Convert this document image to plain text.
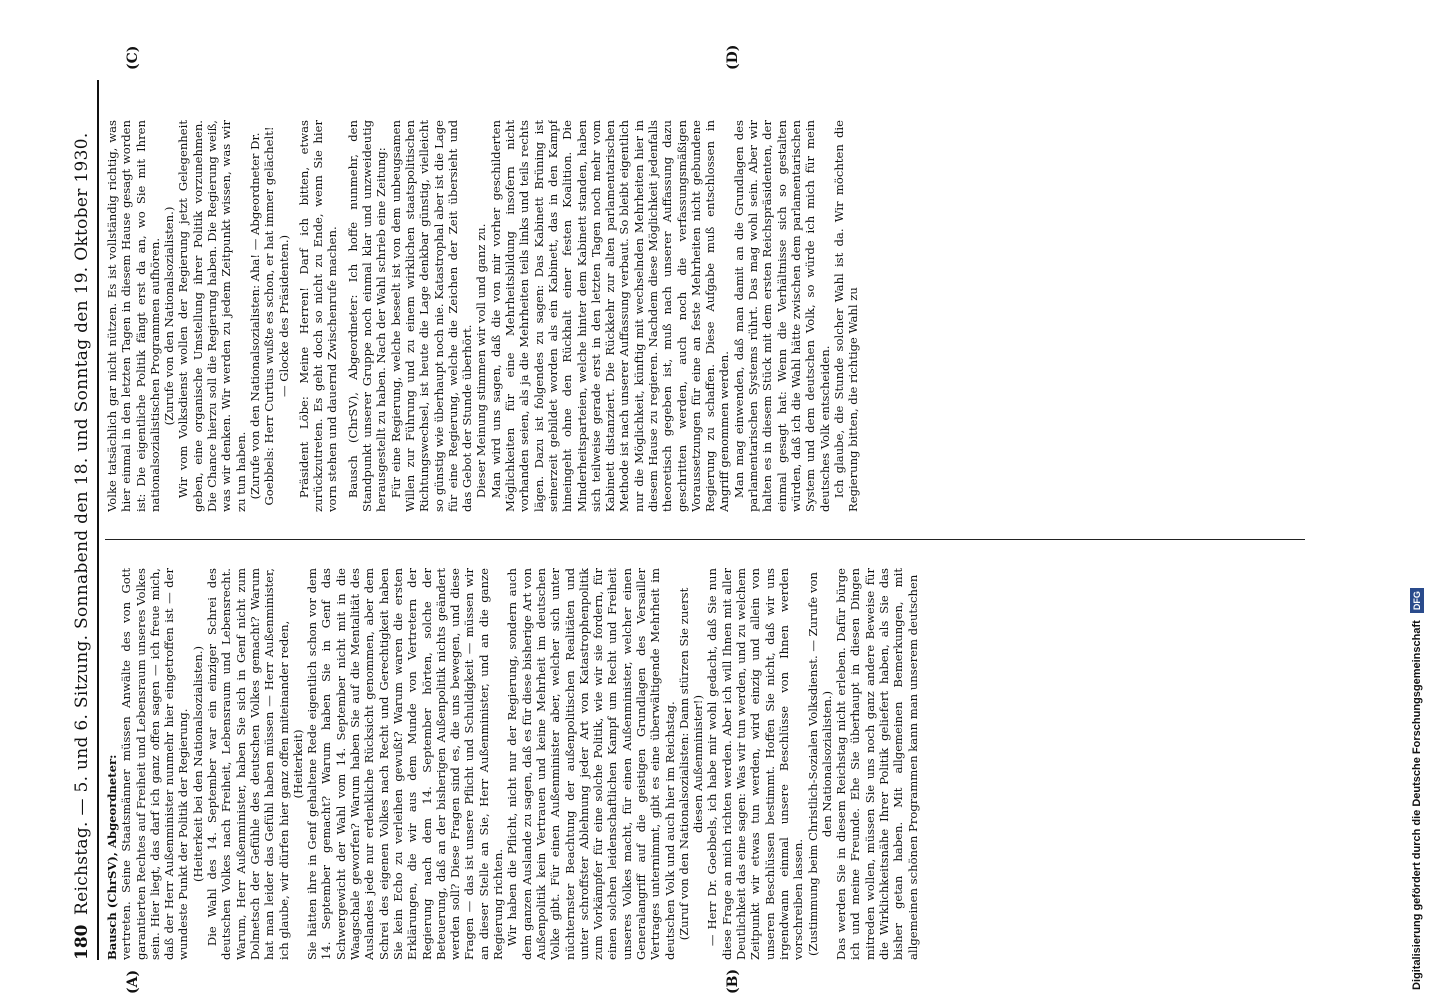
180
Reichstag. — 5. und 6. Sitzung. Sonnabend den 18. und Sonntag den 19. Oktober 1930.	Bausch (ChrSV), Abgeordneter: vertreten. Seine Staatsmänner müssen Anwälte des von Gott garantierten Rechtes auf Freiheit und Lebensraum unseres Volkes sein. Hier liegt, das darf ich ganz offen sagen — ich freue mich, daß der Herr Außenminister nunmehr hier eingetroffen ist — der wundeste Punkt der Politik der Regierung. (Heiterkeit bei den Nationalsozialisten.) Die Wahl des 14. September war ein einziger Schrei des deutschen Volkes nach Freiheit, Lebensraum und Lebensrecht. Warum, Herr Außenminister, haben Sie sich in Genf nicht zum Dolmetsch der Gefühle des deutschen Volkes gemacht? Warum hat man leider das Gefühl haben müssen — Herr Außenminister, ich glaube, wir dürfen hier ganz offen miteinander reden, (Heiterkeit) Sie hätten ihre in Genf gehaltene Rede eigentlich schon vor dem 14. September gemacht? Warum haben Sie in Genf das Schwergewicht der Wahl vom 14. September nicht mit in die Waagschale geworfen? Warum haben Sie auf die Mentalität des Auslandes jede nur erdenkliche Rücksicht genommen, aber dem Schrei des eigenen Volkes nach Recht und Gerechtigkeit haben Sie kein Echo zu verleihen gewußt? Warum waren die ersten Erklärungen, die wir aus dem Munde von Vertretern der Regierung nach dem 14. September hörten, solche der Beteuerung, daß an der bisherigen Außenpolitik nichts geändert werden soll? Diese Fragen sind es, die uns bewegen, und diese Fragen — das ist unsere Pflicht und Schuldigkeit — müssen wir an dieser Stelle an Sie, Herr Außenminister, und an die ganze Regierung richten. Wir haben die Pflicht, nicht nur der Regierung, sondern auch dem ganzen Auslande zu sagen, daß es für diese bisherige Art von Außenpolitik kein Vertrauen und keine Mehrheit im deutschen Volke gibt. Für einen Außenminister aber, welcher sich unter nüchternster Beachtung der außenpolitischen Realitäten und unter schroffster Ablehnung jeder Art von Katastrophenpolitik zum Vorkämpfer für eine solche Politik, wie wir sie fordern, für einen solchen leidenschaftlichen Kampf um Recht und Freiheit unseres Volkes macht, für einen Außenminister, welcher einen Generalangriff auf die geistigen Grundlagen des Versailler Vertrages unternimmt, gibt es eine überwältigende Mehrheit im deutschen Volk und auch hier im Reichstag. (Zuruf von den Nationalsozialisten: Dann stürzen Sie zuerst diesen Außenminister!) — Herr Dr. Goebbels, ich habe mir wohl gedacht, daß Sie nun diese Frage an mich richten werden. Aber ich will Ihnen mit aller Deutlichkeit das eine sagen: Was wir tun werden, und zu welchem Zeitpunkt wir etwas tun werden, wird einzig und allein von unseren Beschlüssen bestimmt. Hoffen Sie nicht, daß wir uns irgendwann einmal unsere Beschlüsse von Ihnen werden vorschreiben lassen. (Zustimmung beim Christlich-Sozialen Volksdienst. — Zurufe von den Nationalsozialisten.) Das werden Sie in diesem Reichstag nicht erleben. Dafür bürge ich und meine Freunde. Ehe Sie überhaupt in diesen Dingen mitreden wollen, müssen Sie uns noch ganz andere Beweise für die Wirklichkeitsnähe Ihrer Politik geliefert haben, als Sie das bisher getan haben. Mit allgemeinen Bemerkungen, mit allgemeinen schönen Programmen kann man unserem deutschen

Volke tatsächlich gar nicht nützen. Es ist vollständig richtig, was hier einmal in den letzten Tagen in diesem Hause gesagt worden ist: Die eigentliche Politik fängt erst da an, wo Sie mit Ihren nationalsozialistischen Programmen aufhören. (Zurufe von den Nationalsozialisten.) Wir vom Volksdienst wollen der Regierung jetzt Gelegenheit geben, eine organische Umstellung ihrer Politik vorzunehmen. Die Chance hierzu soll die Regierung haben. Die Regierung weiß, was wir denken. Wir werden zu jedem Zeitpunkt wissen, was wir zu tun haben. (Zurufe von den Nationalsozialisten: Aha! — Abgeordneter Dr. Goebbels: Herr Curtius wußte es schon, er hat immer gelächelt! — Glocke des Präsidenten.) Präsident Löbe: Meine Herren! Darf ich bitten, etwas zurückzutreten. Es geht doch so nicht zu Ende, wenn Sie hier vorn stehen und dauernd Zwischenrufe machen. Bausch (ChrSV), Abgeordneter: Ich hoffe nunmehr, den Standpunkt unserer Gruppe noch einmal klar und unzweideutig herausgestellt zu haben. Nach der Wahl schrieb eine Zeitung: Für eine Regierung, welche beseelt ist von dem unbeugsamen Willen zur Führung und zu einem wirklichen staatspolitischen Richtungswechsel, ist heute die Lage denkbar günstig, vielleicht so günstig wie überhaupt noch nie. Katastrophal aber ist die Lage für eine Regierung, welche die Zeichen der Zeit übersieht und das Gebot der Stunde überhört. Dieser Meinung stimmen wir voll und ganz zu. Man wird uns sagen, daß die von mir vorher geschilderten Möglichkeiten für eine Mehrheitsbildung insofern nicht vorhanden seien, als ja die Mehrheiten teils links und teils rechts lägen. Dazu ist folgendes zu sagen: Das Kabinett Brüning ist seinerzeit gebildet worden als ein Kabinett, das in den Kampf hineingeht ohne den Rückhalt einer festen Koalition. Die Minderheitsparteien, welche hinter dem Kabinett standen, haben sich teilweise gerade erst in den letzten Tagen noch mehr vom Kabinett distanziert. Die Rückkehr zur alten parlamentarischen Methode ist nach unserer Auffassung verbaut. So bleibt eigentlich nur die Möglichkeit, künftig mit wechselnden Mehrheiten hier in diesem Hause zu regieren. Nachdem diese Möglichkeit jedenfalls theoretisch gegeben ist, muß nach unserer Auffassung dazu geschritten werden, auch noch die verfassungsmäßigen Voraussetzungen für eine an feste Mehrheiten nicht gebundene Regierung zu schaffen. Diese Aufgabe muß entschlossen in Angriff genommen werden. Man mag einwenden, daß man damit an die Grundlagen des parlamentarischen Systems rührt. Das mag wohl sein. Aber wir halten es in diesem Stück mit dem ersten Reichspräsidenten, der einmal gesagt hat: Wenn die Verhältnisse sich so gestalten würden, daß ich die Wahl hätte zwischen dem parlamentarischen System und dem deutschen Volk, so würde ich mich für mein deutsches Volk entscheiden. Ich glaube, die Stunde solcher Wahl ist da. Wir möchten die Regierung bitten, die richtige Wahl zu

(A)	(B)
(C)	(D)
Digitalisierung gefördert durch die Deutsche Forschungsgemeinschaft DFG
